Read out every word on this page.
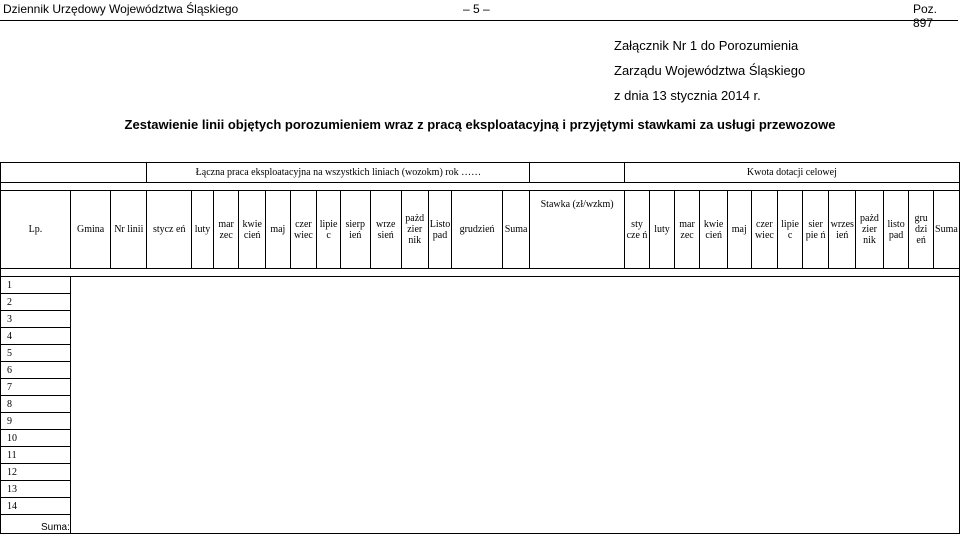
Dziennik Urzędowy Województwa Śląskiego	– 5 –	Poz. 897
Załącznik Nr 1 do Porozumienia
Zarządu Województwa Śląskiego
z dnia 13 stycznia 2014 r.
Zestawienie linii objętych porozumieniem wraz z pracą eksploatacyjną i przyjętymi stawkami za usługi przewozowe
			Łączna praca eksploatacyjna na wszystkich liniach (wozokm) rok ……														Kwota dotacji celowej												

Lp.	Gmina	Nr linii	stycz eń	luty	mar zec	kwie cień	maj	czer wiec	lipie c	sierp ień	wrze sień	pażd zier nik	Listo pad	grudzień	Suma	Stawka (zł/wzkm)	sty cze ń	luty	mar zec	kwie cień	maj	czer wiec	lipie c	sier pie ń	wrzes ień	pażd zier nik	listo pad	gru dzi eń	Suma

1																													
2																													
3																													
4																													
5																													
6																													
7																													
8																													
9																													
10																													
11																													
12																													
13																													
14																													
Suma:																													
